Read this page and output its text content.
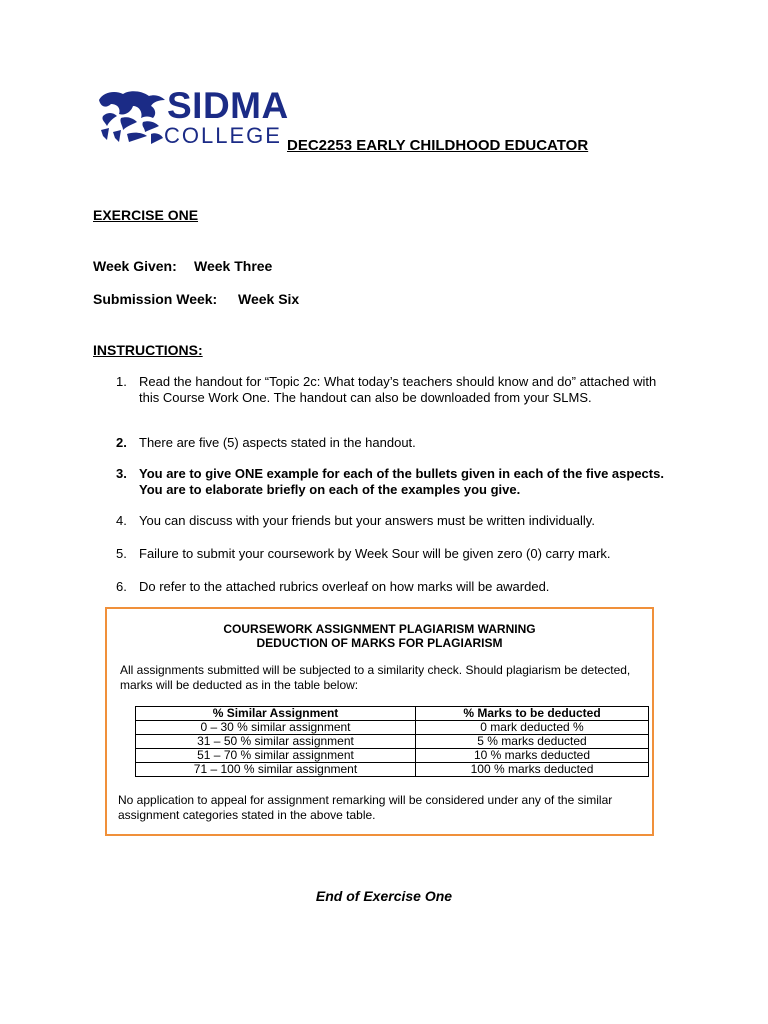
SIDMA
COLLEGE DEC2253 EARLY CHILDHOOD EDUCATOR
EXERCISE ONE
Week Given: Week Three
Submission Week: Week Six
INSTRUCTIONS:
1. Read the handout for “Topic 2c: What today’s teachers should know and do” attached with this Course Work One. The handout can also be downloaded from your SLMS.
2. There are five (5) aspects stated in the handout.
3. You are to give ONE example for each of the bullets given in each of the five aspects. You are to elaborate briefly on each of the examples you give.
4. You can discuss with your friends but your answers must be written individually.
5. Failure to submit your coursework by Week Sour will be given zero (0) carry mark.
6. Do refer to the attached rubrics overleaf on how marks will be awarded.
COURSEWORK ASSIGNMENT PLAGIARISM WARNING
DEDUCTION OF MARKS FOR PLAGIARISM
All assignments submitted will be subjected to a similarity check. Should plagiarism be detected, marks will be deducted as in the table below:
% Similar Assignment	% Marks to be deducted
0 – 30 % similar assignment	0 mark deducted %
31 – 50 % similar assignment	5 % marks deducted
51 – 70 % similar assignment	10 % marks deducted
71 – 100 % similar assignment	100 % marks deducted
No application to appeal for assignment remarking will be considered under any of the similar assignment categories stated in the above table.
End of Exercise One
